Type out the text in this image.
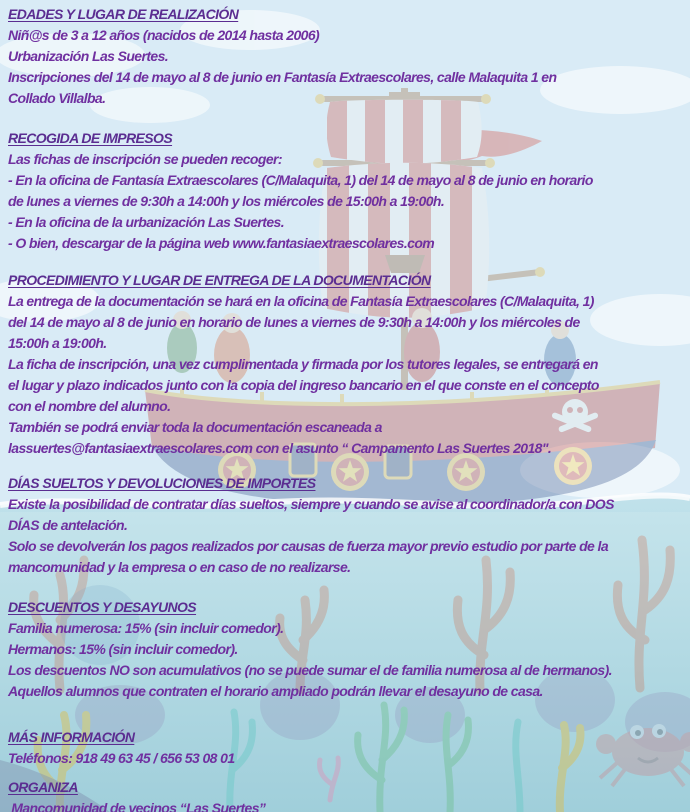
EDADES Y LUGAR DE REALIZACIÓN

Niñ@s de 3 a 12 años (nacidos de 2014 hasta 2006)

Urbanización Las Suertes.

Inscripciones del 14 de mayo al 8 de junio en Fantasía Extraescolares, calle Malaquita 1 en

Collado Villalba.

RECOGIDA DE IMPRESOS

Las fichas de inscripción se pueden recoger:

- En la oficina de Fantasía Extraescolares (C/Malaquita, 1) del 14 de mayo al 8 de junio en horario

de lunes a viernes de 9:30h a 14:00h y los miércoles de 15:00h a 19:00h.

- En la oficina de la urbanización Las Suertes.

- O bien, descargar de la página web www.fantasiaextraescolares.com

PROCEDIMIENTO Y LUGAR DE ENTREGA DE LA DOCUMENTACIÓN

La entrega de la documentación se hará en la oficina de Fantasía Extraescolares (C/Malaquita, 1)

del 14 de mayo al 8 de junio en horario de lunes a viernes de 9:30h a 14:00h y los miércoles de

15:00h a 19:00h.

La ficha de inscripción, una vez cumplimentada y firmada por los tutores legales, se entregará en

el lugar y plazo indicados junto con la copia del ingreso bancario en el que conste en el concepto

con el nombre del alumno.

También se podrá enviar toda la documentación escaneada a

lassuertes@fantasiaextraescolares.com con el asunto “ Campamento Las Suertes 2018".

DÍAS SUELTOS Y DEVOLUCIONES DE IMPORTES

Existe la posibilidad de contratar días sueltos, siempre y cuando se avise al coordinador/a con DOS

DÍAS de antelación.

Solo se devolverán los pagos realizados por causas de fuerza mayor previo estudio por parte de la

mancomunidad y la empresa o en caso de no realizarse.

DESCUENTOS Y DESAYUNOS

Familia numerosa: 15% (sin incluir comedor).

Hermanos: 15% (sin incluir comedor).

Los descuentos NO son acumulativos (no se puede sumar el de familia numerosa al de hermanos).

Aquellos alumnos que contraten el horario ampliado podrán llevar el desayuno de casa.

MÁS INFORMACIÓN

Teléfonos: 918 49 63 45 / 656 53 08 01

ORGANIZA

Mancomunidad de vecinos “Las Suertes”
